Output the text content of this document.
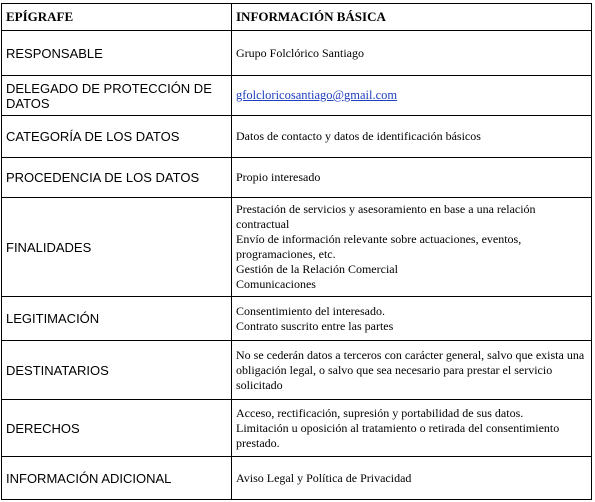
EPÍGRAFE	INFORMACIÓN BÁSICA
RESPONSABLE	Grupo Folclórico Santiago

DELEGADO DE PROTECCIÓN DE DATOS	gfolcloricosantiago@gmail.com
CATEGORÍA DE LOS DATOS	Datos de contacto y datos de identificación básicos

PROCEDENCIA DE LOS DATOS	Propio interesado

FINALIDADES	Prestación de servicios y asesoramiento en base a una relación contractual
Envío de información relevante sobre actuaciones, eventos, programaciones, etc.
Gestión de la Relación Comercial
Comunicaciones

LEGITIMACIÓN	Consentimiento del interesado.
Contrato suscrito entre las partes

DESTINATARIOS	No se cederán datos a terceros con carácter general, salvo que exista una obligación legal, o salvo que sea necesario para prestar el servicio solicitado

DERECHOS	Acceso, rectificación, supresión y portabilidad de sus datos.
Limitación u oposición al tratamiento o retirada del consentimiento prestado.

INFORMACIÓN ADICIONAL	Aviso Legal y Política de Privacidad
